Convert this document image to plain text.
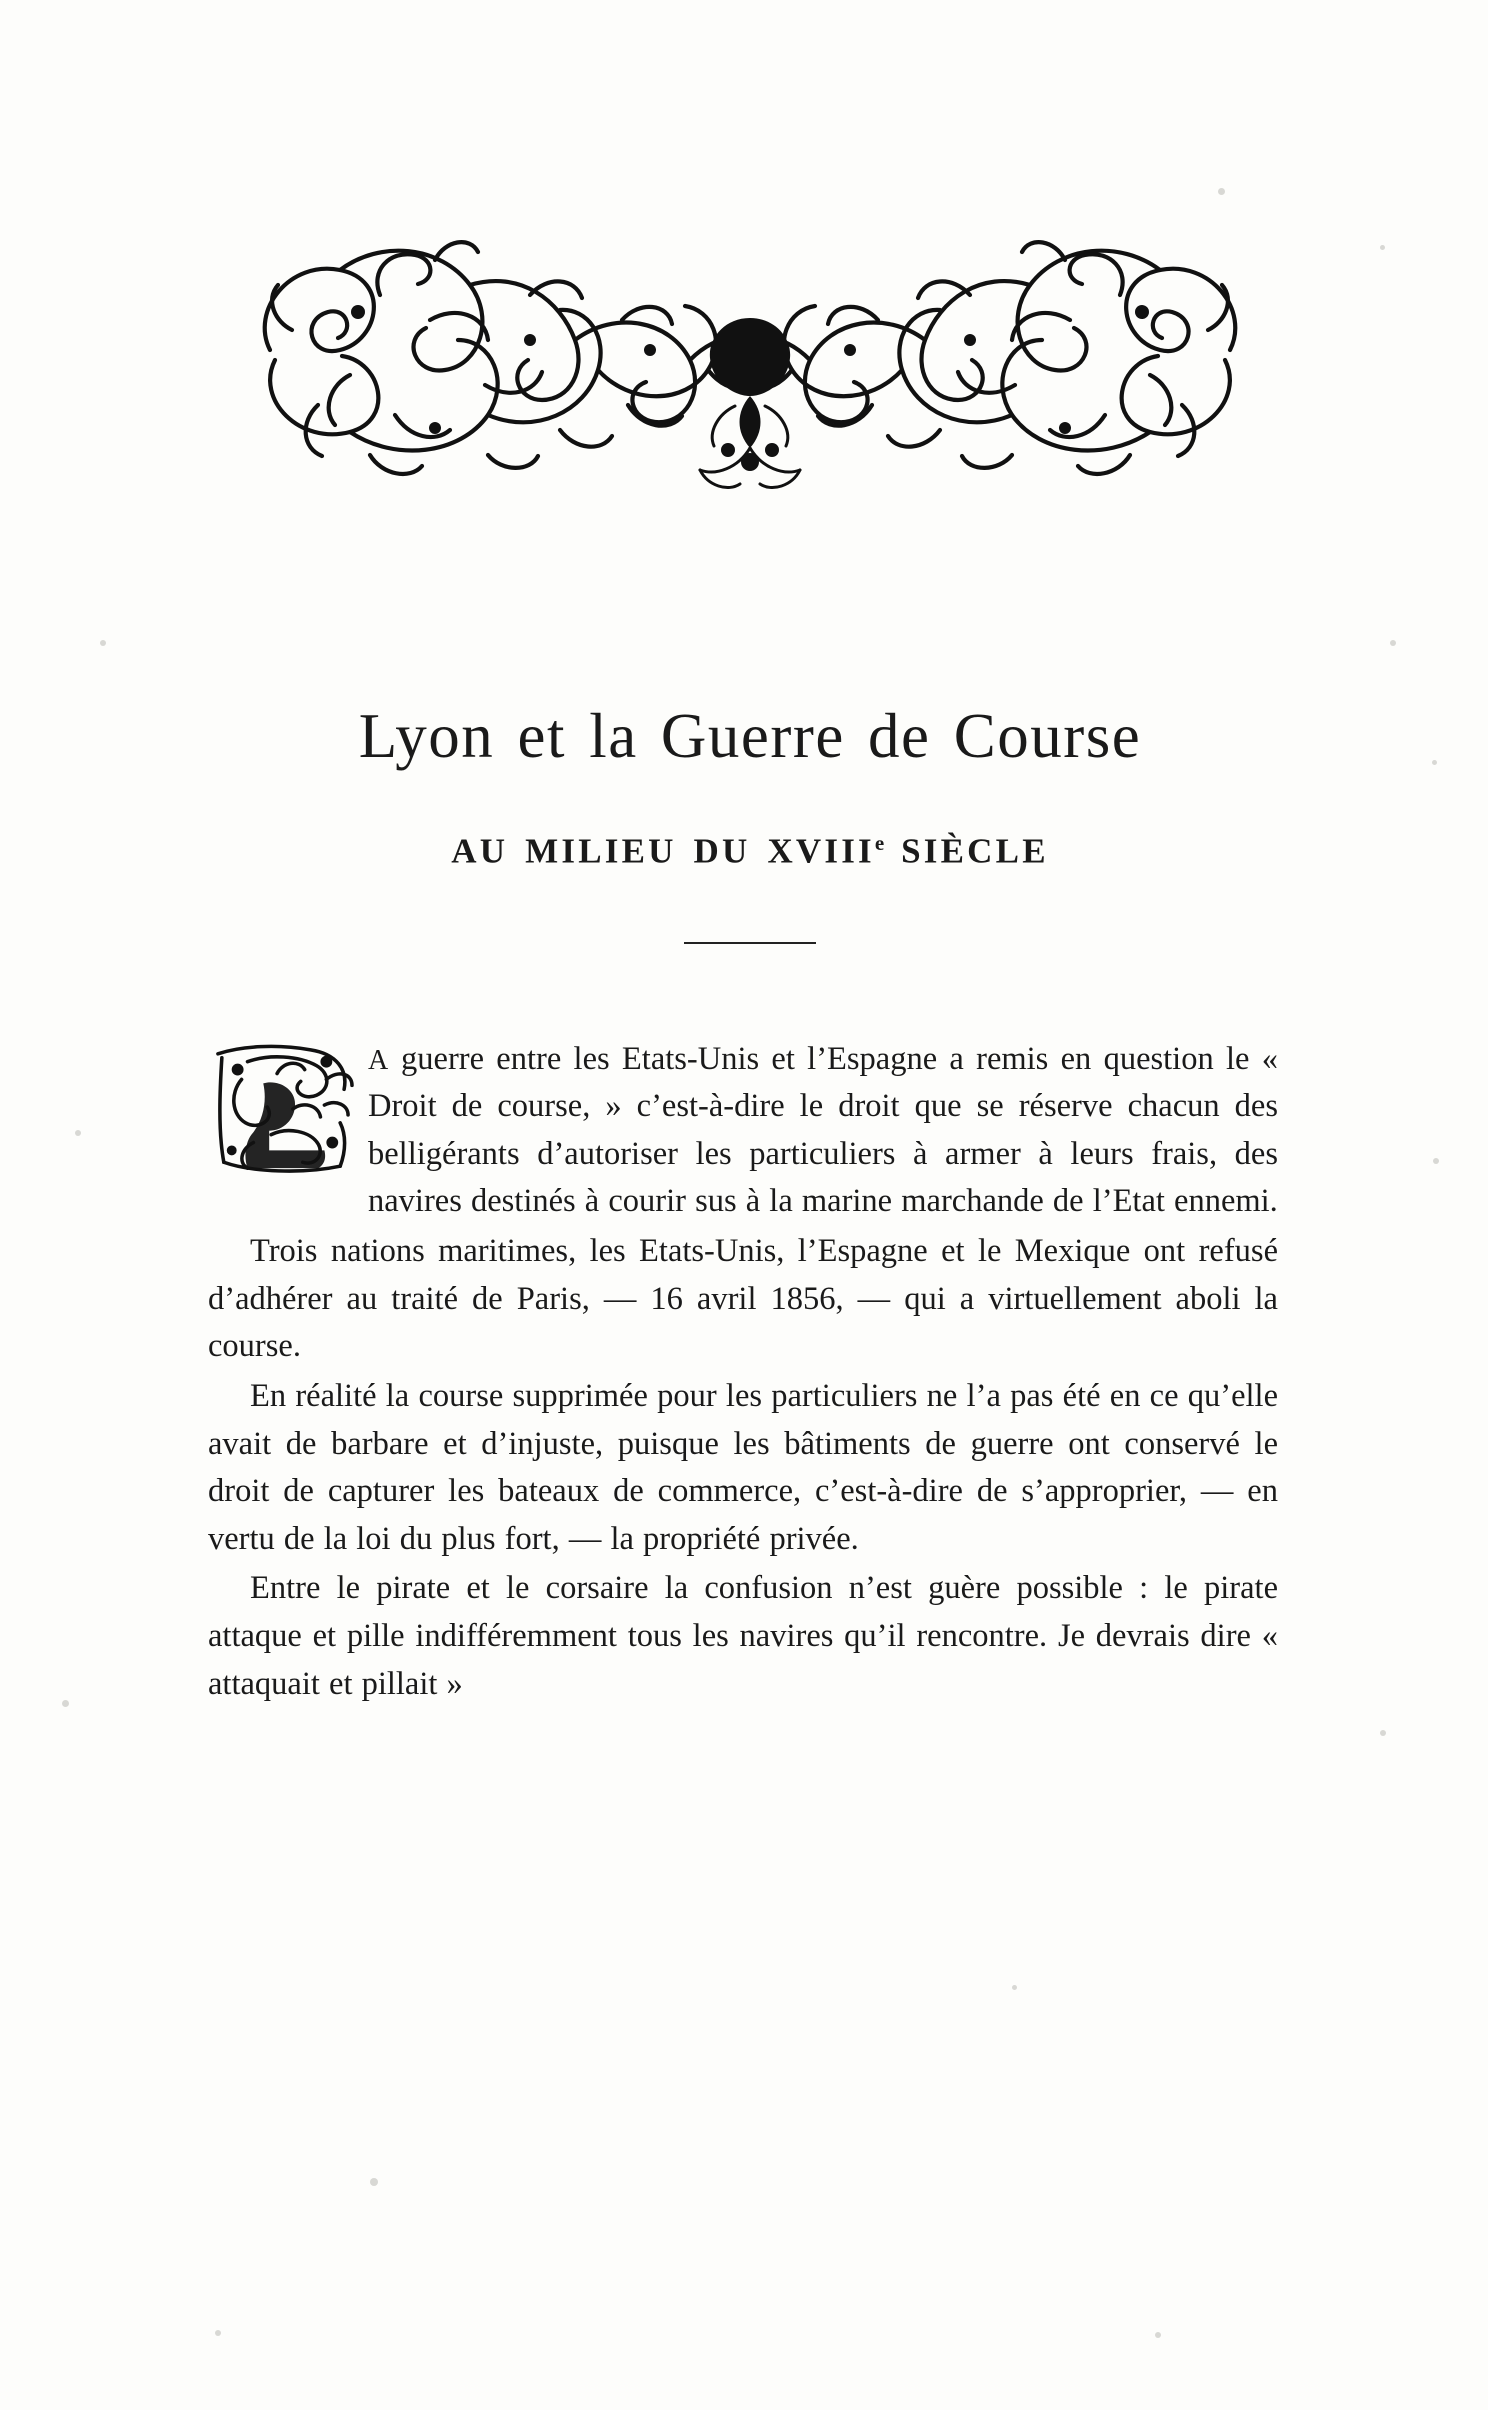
Lyon et la Guerre de Course
AU MILIEU DU XVIIIe SIÈCLE

A guerre entre les Etats-Unis et l’Espagne a remis en question le « Droit de course, » c’est-à-dire le droit que se réserve chacun des belligérants d’autoriser les particuliers à armer à leurs frais, des navires destinés à courir sus à la marine marchande de l’Etat ennemi.

Trois nations maritimes, les Etats-Unis, l’Espagne et le Mexique ont refusé d’adhérer au traité de Paris, — 16 avril 1856, — qui a virtuellement aboli la course.

En réalité la course supprimée pour les particuliers ne l’a pas été en ce qu’elle avait de barbare et d’injuste, puisque les bâtiments de guerre ont conservé le droit de capturer les bateaux de commerce, c’est-à-dire de s’approprier, — en vertu de la loi du plus fort, — la propriété privée.

Entre le pirate et le corsaire la confusion n’est guère possible : le pirate attaque et pille indifféremment tous les navires qu’il rencontre. Je devrais dire « attaquait et pillait »
